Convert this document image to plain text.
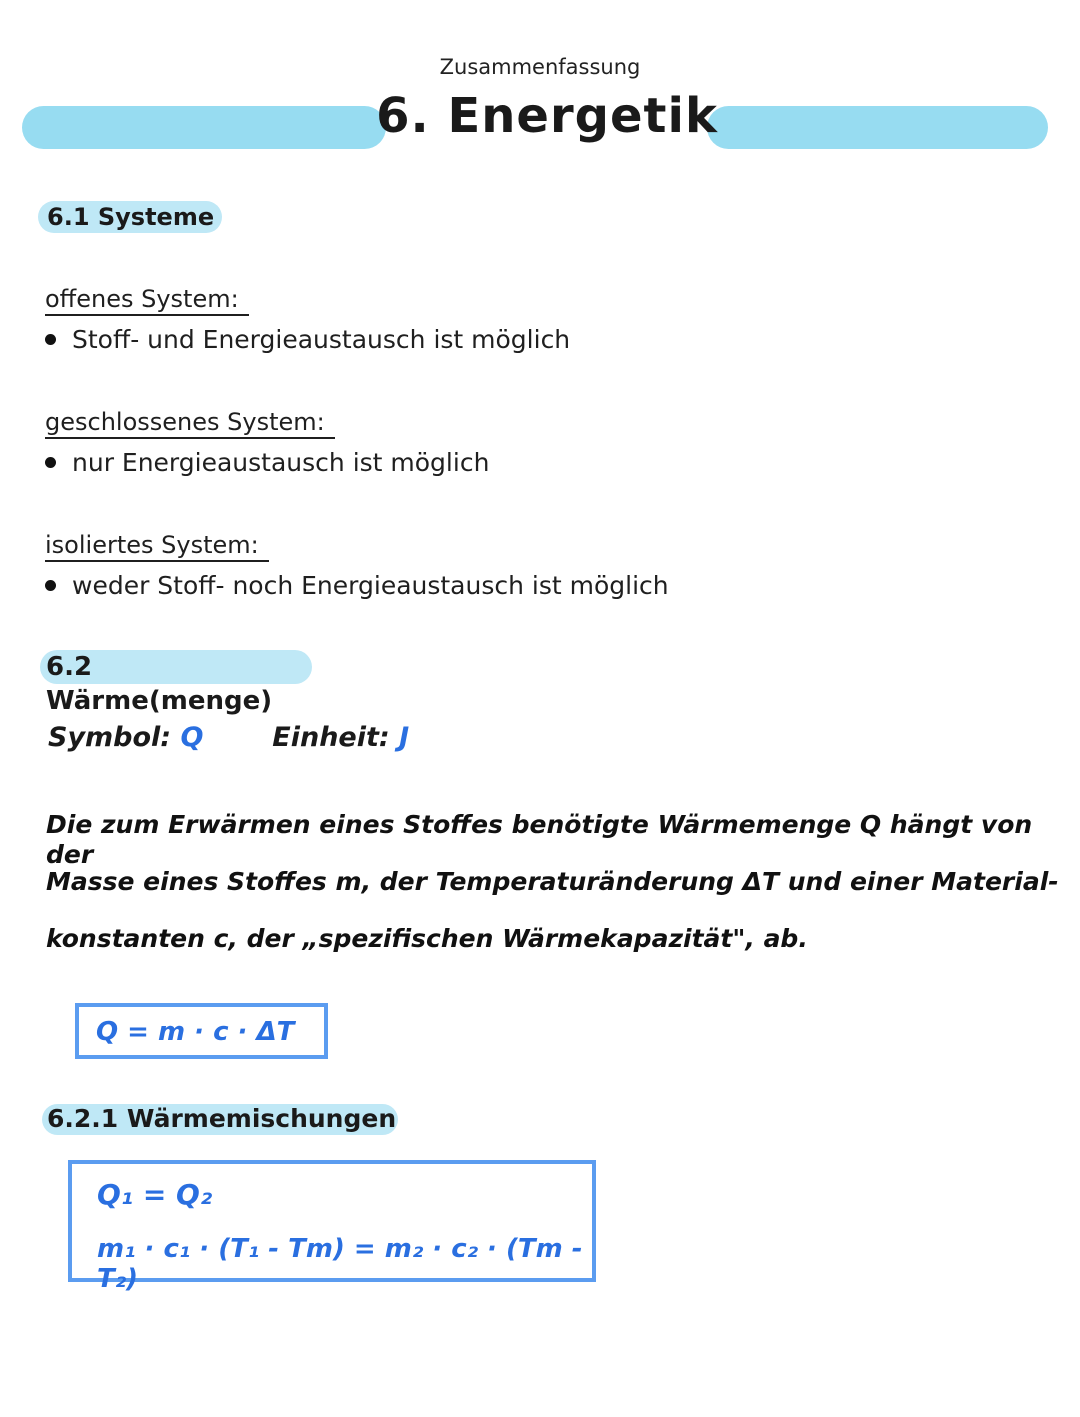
Zusammenfassung
6. Energetik
6.1 Systeme
offenes System:
Stoff- und Energieaustausch ist möglich
geschlossenes System:
nur Energieaustausch ist möglich
isoliertes System:
weder Stoff- noch Energieaustausch ist möglich
6.2 Wärme(menge)
Symbol: Q	Einheit: J
Die zum Erwärmen eines Stoffes benötigte Wärmemenge Q hängt von der
Masse eines Stoffes m, der Temperaturänderung ΔT und einer Material-
konstanten c, der „spezifischen Wärmekapazität", ab.
Q = m · c · ΔT
6.2.1 Wärmemischungen
Q₁ = Q₂
m₁ · c₁ · (T₁ - Tm) = m₂ · c₂ · (Tm - T₂)
